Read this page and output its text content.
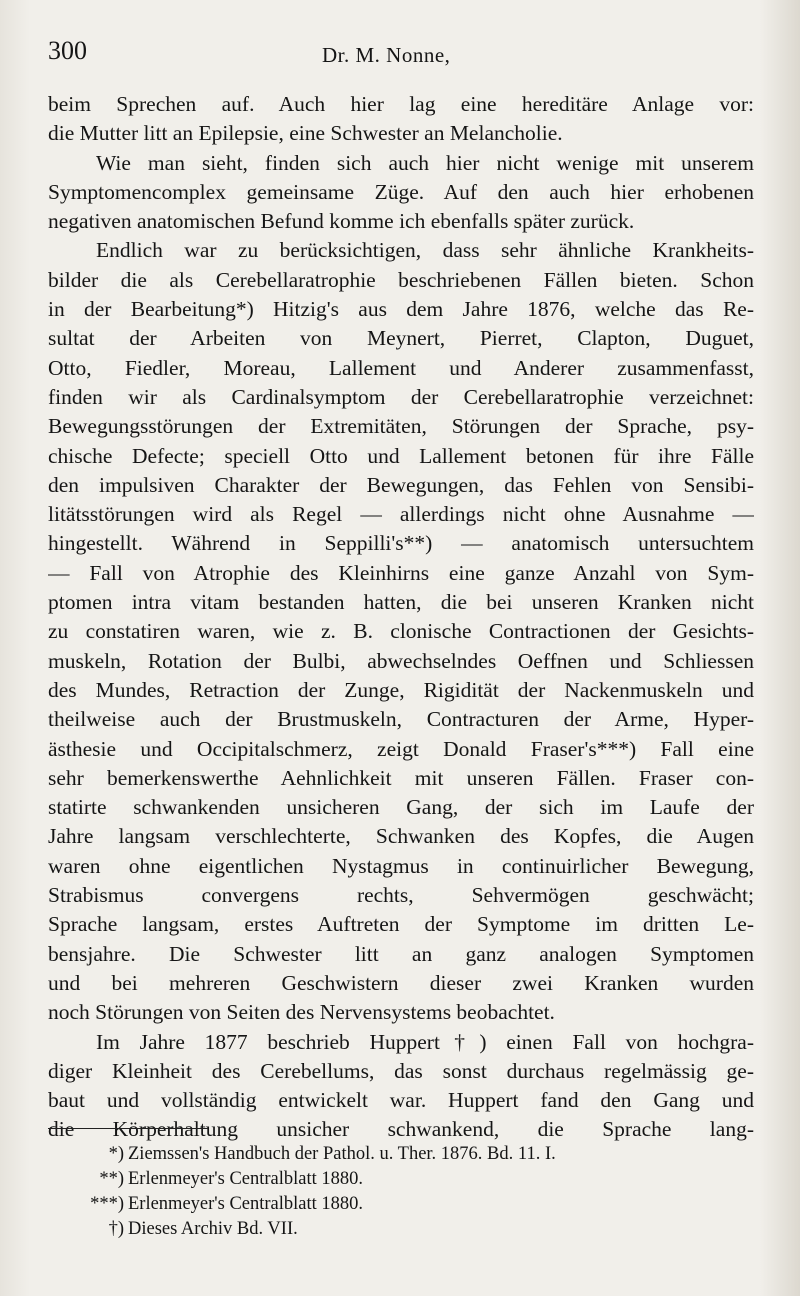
300	Dr. M. Nonne,
beim Sprechen auf. Auch hier lag eine hereditäre Anlage vor:
die Mutter litt an Epilepsie, eine Schwester an Melancholie.
Wie man sieht, finden sich auch hier nicht wenige mit unserem
Symptomencomplex gemeinsame Züge. Auf den auch hier erhobenen
negativen anatomischen Befund komme ich ebenfalls später zurück.
Endlich war zu berücksichtigen, dass sehr ähnliche Krankheits-
bilder die als Cerebellaratrophie beschriebenen Fällen bieten. Schon
in der Bearbeitung*) Hitzig's aus dem Jahre 1876, welche das Re-
sultat der Arbeiten von Meynert, Pierret, Clapton, Duguet,
Otto, Fiedler, Moreau, Lallement und Anderer zusammenfasst,
finden wir als Cardinalsymptom der Cerebellaratrophie verzeichnet:
Bewegungsstörungen der Extremitäten, Störungen der Sprache, psy-
chische Defecte; speciell Otto und Lallement betonen für ihre Fälle
den impulsiven Charakter der Bewegungen, das Fehlen von Sensibi-
litätsstörungen wird als Regel — allerdings nicht ohne Ausnahme —
hingestellt. Während in Seppilli's**) — anatomisch untersuchtem
— Fall von Atrophie des Kleinhirns eine ganze Anzahl von Sym-
ptomen intra vitam bestanden hatten, die bei unseren Kranken nicht
zu constatiren waren, wie z. B. clonische Contractionen der Gesichts-
muskeln, Rotation der Bulbi, abwechselndes Oeffnen und Schliessen
des Mundes, Retraction der Zunge, Rigidität der Nackenmuskeln und
theilweise auch der Brustmuskeln, Contracturen der Arme, Hyper-
ästhesie und Occipitalschmerz, zeigt Donald Fraser's***) Fall eine
sehr bemerkenswerthe Aehnlichkeit mit unseren Fällen. Fraser con-
statirte schwankenden unsicheren Gang, der sich im Laufe der
Jahre langsam verschlechterte, Schwanken des Kopfes, die Augen
waren ohne eigentlichen Nystagmus in continuirlicher Bewegung,
Strabismus convergens rechts, Sehvermögen geschwächt;
Sprache langsam, erstes Auftreten der Symptome im dritten Le-
bensjahre. Die Schwester litt an ganz analogen Symptomen
und bei mehreren Geschwistern dieser zwei Kranken wurden
noch Störungen von Seiten des Nervensystems beobachtet.
Im Jahre 1877 beschrieb Huppert†) einen Fall von hochgra-
diger Kleinheit des Cerebellums, das sonst durchaus regelmässig ge-
baut und vollständig entwickelt war. Huppert fand den Gang und
die Körperhaltung unsicher schwankend, die Sprache lang-
*) Ziemssen's Handbuch der Pathol. u. Ther. 1876. Bd. 11. I.
**) Erlenmeyer's Centralblatt 1880.
***) Erlenmeyer's Centralblatt 1880.
†) Dieses Archiv Bd. VII.
